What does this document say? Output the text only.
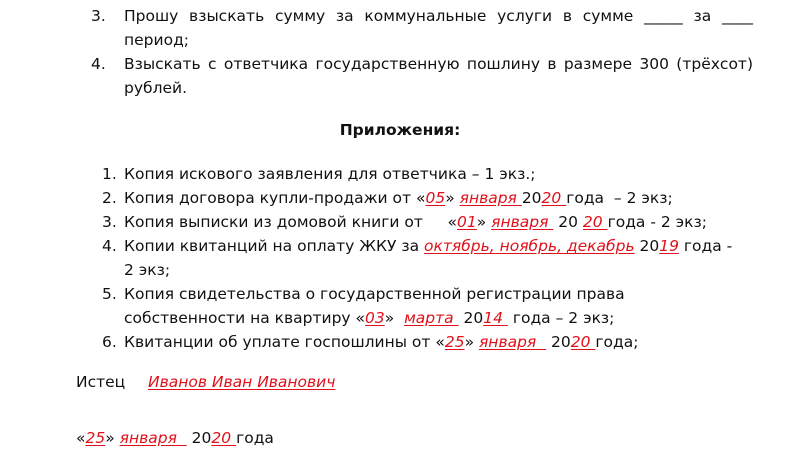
3. Прошу взыскать сумму за коммунальные услуги в сумме _____ за ____
период;
4. Взыскать с ответчика государственную пошлину в размере 300 (трёхсот)
рублей.
Приложения:
1. Копия искового заявления для ответчика – 1 экз.;
2. Копия договора купли-продажи от «05» января 2020 года  – 2 экз;
3. Копия выписки из домовой книги от     «01» января  20 20 года - 2 экз;
4. Копии квитанций на оплату ЖКУ за октябрь, ноябрь, декабрь 2019 года -
2 экз;
5. Копия свидетельства о государственной регистрации права
собственности на квартиру «03»  марта  2014  года – 2 экз;
6. Квитанции об уплате госпошлины от «25» января   2020 года;
Истец Иванов Иван Иванович
«25» января   2020 года
